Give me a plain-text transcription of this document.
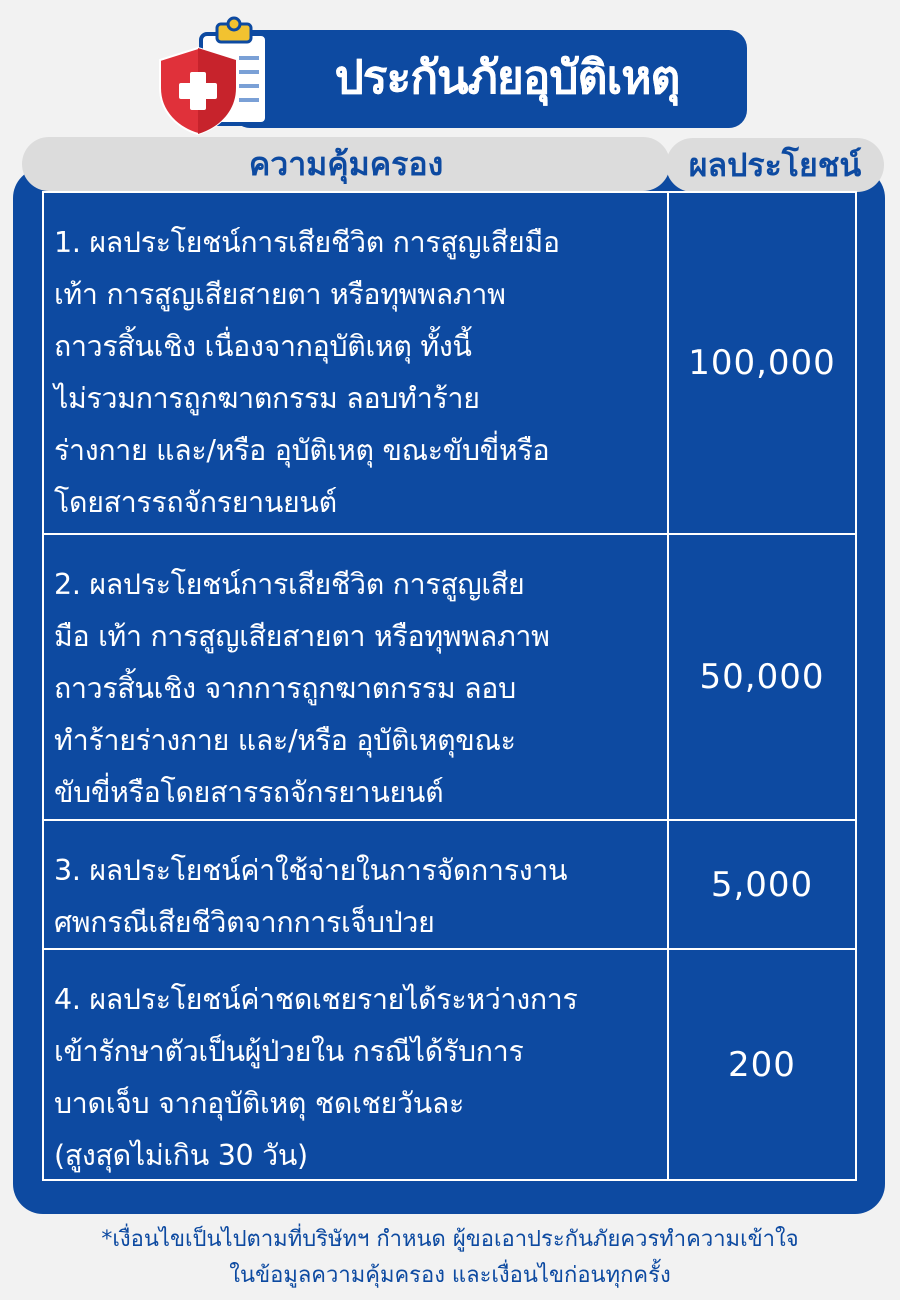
ประกันภัยอุบัติเหตุ
ความคุ้มครอง	ผลประโยชน์
1. ผลประโยชน์การเสียชีวิต การสูญเสียมือ
เท้า การสูญเสียสายตา หรือทุพพลภาพ
ถาวรสิ้นเชิง เนื่องจากอุบัติเหตุ ทั้งนี้
ไม่รวมการถูกฆาตกรรม ลอบทำร้าย
ร่างกาย และ/หรือ อุบัติเหตุ ขณะขับขี่หรือ
โดยสารรถจักรยานยนต์
100,000
2. ผลประโยชน์การเสียชีวิต การสูญเสีย
มือ เท้า การสูญเสียสายตา หรือทุพพลภาพ
ถาวรสิ้นเชิง จากการถูกฆาตกรรม ลอบ
ทำร้ายร่างกาย และ/หรือ อุบัติเหตุขณะ
ขับขี่หรือโดยสารรถจักรยานยนต์
50,000
3. ผลประโยชน์ค่าใช้จ่ายในการจัดการงาน
ศพกรณีเสียชีวิตจากการเจ็บป่วย
5,000
4. ผลประโยชน์ค่าชดเชยรายได้ระหว่างการ
เข้ารักษาตัวเป็นผู้ป่วยใน กรณีได้รับการ
บาดเจ็บ จากอุบัติเหตุ ชดเชยวันละ
(สูงสุดไม่เกิน 30 วัน)
200
*เงื่อนไขเป็นไปตามที่บริษัทฯ กำหนด ผู้ขอเอาประกันภัยควรทำความเข้าใจ
ในข้อมูลความคุ้มครอง และเงื่อนไขก่อนทุกครั้ง
